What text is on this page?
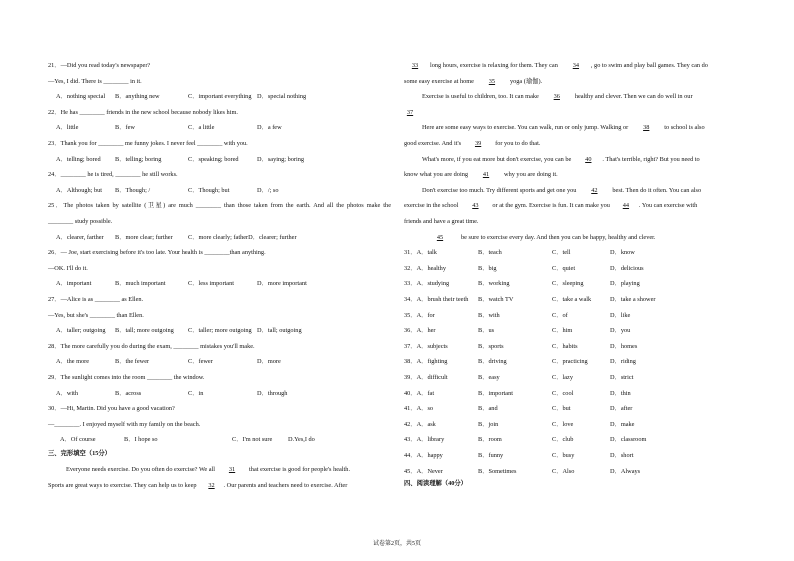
21．—Did you read today's newspaper?
—Yes, I did. There is ________ in it.
A．nothing special B．anything new	C．important everything D．special nothing
22．He has ________ friends in the new school because nobody likes him.
A．little	B．few	C．a little	D．a few
23．Thank you for ________ me funny jokes. I never feel ________ with you.
A．telling; bored B．telling; boring	C．speaking; bored	D．saying; boring
24．________ he is tired, ________ he still works.
A．Although; but B．Though; /	C．Though; but	D．/; so
25．The photos taken by satellite (卫星) are much ________ than those taken from the earth. And all the photos make the
________ study possible.
A．clearer, farther B．more clear; further C．more clearly; fatherD．clearer; further
26．— Joe, start exercising before it's too late. Your health is ________than anything.
—OK. I'll do it.
A．important	B．much important	C．less important	D．more important
27．—Alice is as ________ as Ellen.
—Yes, but she's ________ than Ellen.
A．taller; outgoing B．tall; more outgoing C．taller; more outgoing D．tall; outgoing
28．The more carefully you do during the exam, ________ mistakes you'll make.
A．the more	B．the fewer	C．fewer	D．more
29．The sunlight comes into the room ________ the window.
A．with	B．across	C．in	D．through
30．—Hi, Martin. Did you have a good vacation?
—________. I enjoyed myself with my family on the beach.
A．Of course	B．I hope so	C．I'm not sure D.Yes,I do
三、完形填空（15分）
Everyone needs exercise. Do you often do exercise? We all 31 that exercise is good for people's health.
Sports are great ways to exercise. They can help us to keep 32 . Our parents and teachers need to exercise. After
33 long hours, exercise is relaxing for them. They can 34 , go to swim and play ball games. They can do
some easy exercise at home 35 yoga (瑜伽).
Exercise is useful to children, too. It can make 36 healthy and clever. Then we can do well in our
37
Here are some easy ways to exercise. You can walk, run or only jump. Walking or 38 to school is also
good exercise. And it's 39 for you to do that.
What's more, if you eat more but don't exercise, you can be 40 . That's terrible, right? But you need to
know what you are doing 41 why you are doing it.
Don't exercise too much. Try different sports and get one you 42 best. Then do it often. You can also
exercise in the school 43 or at the gym. Exercise is fun. It can make you 44 . You can exercise with
friends and have a great time.
45	be sure to exercise every day. And then you can be happy, healthy and clever.
31．A．talk	B．teach	C．tell	D．know
32．A．healthy	B．big	C．quiet	D．delicious
33．A．studying	B．working	C．sleeping	D．playing
34．A．brush their teeth B．watch TV	C．take a walk	D．take a shower
35．A．for	B．with	C．of	D．like
36．A．her	B．us	C．him	D．you
37．A．subjects	B．sports	C．habits	D．homes
38．A．fighting	B．driving	C．practicing	D．riding
39．A．difficult	B．easy	C．lazy	D．strict
40．A．fat	B．important	C．cool	D．thin
41．A．so	B．and	C．but	D．after
42．A．ask	B．join	C．love	D．make
43．A．library	B．room	C．club	D．classroom
44．A．happy	B．funny	C．busy	D．short
45．A．Never	B．Sometimes	C．Also	D．Always
四、阅读理解（40分）
试卷第2页，共5页
